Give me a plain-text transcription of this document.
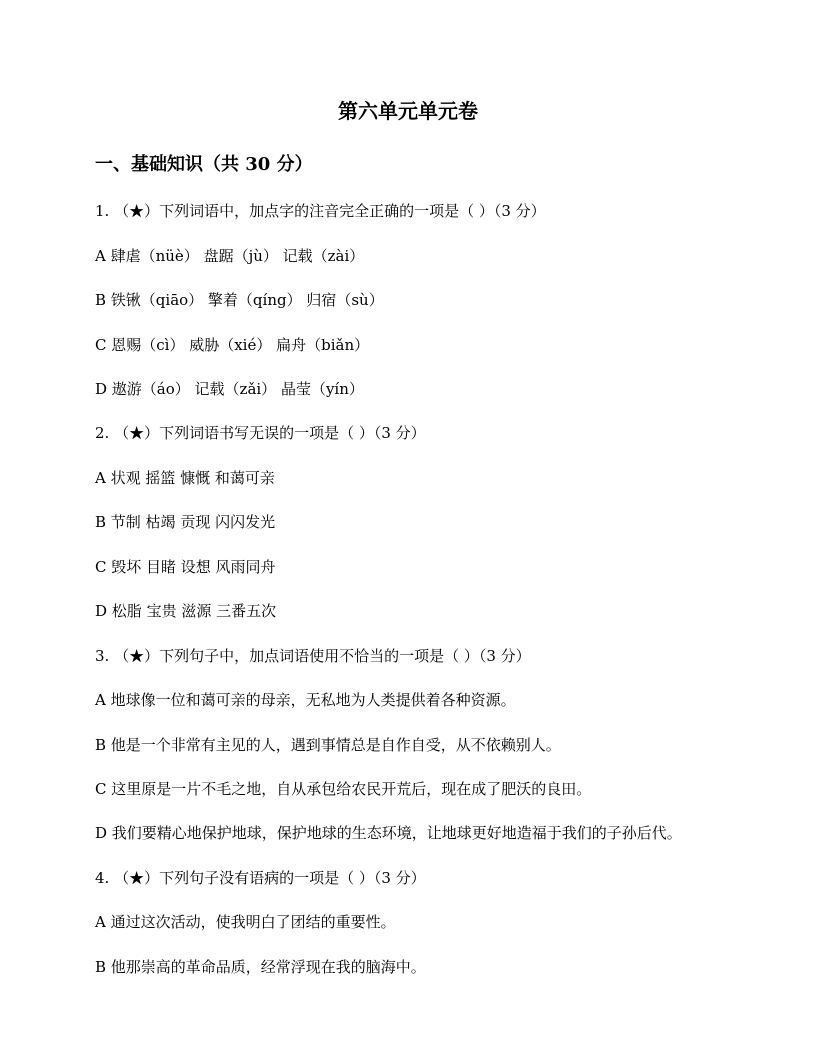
第六单元单元卷
一、基础知识（共 30 分）
1. （★）下列词语中，加点字的注音完全正确的一项是（ ）（3 分）
A 肆虐（nüè） 盘踞（jù） 记载（zài）
B 铁锹（qiāo） 擎着（qíng） 归宿（sù）
C 恩赐（cì） 威胁（xié） 扁舟（biǎn）
D 遨游（áo） 记载（zǎi） 晶莹（yín）
2. （★）下列词语书写无误的一项是（ ）（3 分）
A 状观 摇篮 慷慨 和蔼可亲
B 节制 枯竭 贡现 闪闪发光
C 毁坏 目睹 设想 风雨同舟
D 松脂 宝贵 滋源 三番五次
3. （★）下列句子中，加点词语使用不恰当的一项是（ ）（3 分）
A 地球像一位和蔼可亲的母亲，无私地为人类提供着各种资源。
B 他是一个非常有主见的人，遇到事情总是自作自受，从不依赖别人。
C 这里原是一片不毛之地，自从承包给农民开荒后，现在成了肥沃的良田。
D 我们要精心地保护地球，保护地球的生态环境，让地球更好地造福于我们的子孙后代。
4. （★）下列句子没有语病的一项是（ ）（3 分）
A 通过这次活动，使我明白了团结的重要性。
B 他那崇高的革命品质，经常浮现在我的脑海中。
